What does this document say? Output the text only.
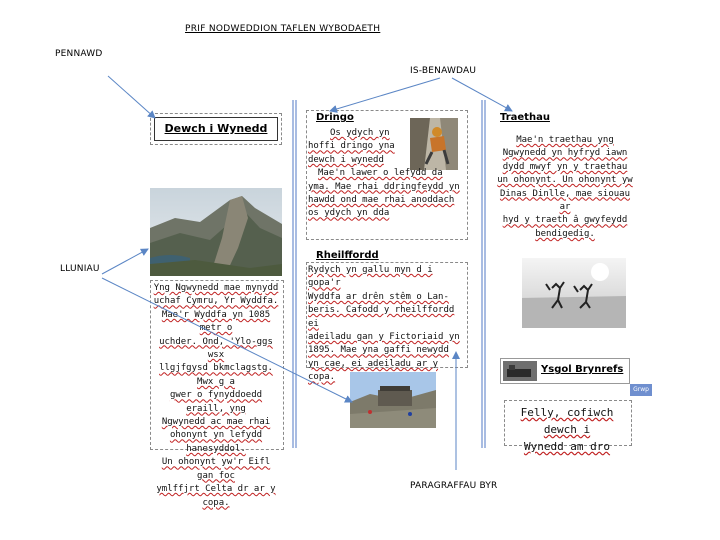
PRIF NODWEDDION TAFLEN WYBODAETH
PENNAWD
IS-BENAWDAU
LLUNIAU
PARAGRAFFAU BYR
Dewch i Wynedd

Yng Ngwynedd mae mynydd

uchaf Cymru, Yr Wyddfa.

Mae'r Wyddfa yn 1085 metr o

uchder. Ond, 'Ylo-ggs wsx

llgjfgysd bkmclagstg. Mwx g a

gwer o fynyddoedd eraill, yng

Ngwynedd ac mae rhai

ohonynt yn lefydd hanesyddol.

Un ohonynt yw'r Eifl gan foc

ymlffjrt Celta dr ar y copa.

Dringo

Os ydych yn

hoffi dringo yna

dewch i wynedd

Mae'n lawer o lefydd da

yma. Mae rhai ddringfeydd yn

hawdd ond mae rhai anoddach

os ydych yn dda

Rheilffordd

Rydych yn gallu myn d i gopa'r

Wyddfa ar drên stêm o Lan-

beris. Cafodd y rheilffordd ei

adeiladu gan y Fictoriaid yn

1895. Mae yna gaffi newydd

yn cae, ei adeiladu ar y copa.

Traethau

Mae'n traethau yng

Ngwynedd yn hyfryd iawn

dydd mwyf yn y traethau

un ohonynt. Un ohonynt yw

Dinas Dinlle, mae siouau ar

hyd y traeth â gwyfeydd

bendigedig.

Ysgol Brynrefs
Grwp

Felly, cofiwch dewch i

Wynedd am dro
